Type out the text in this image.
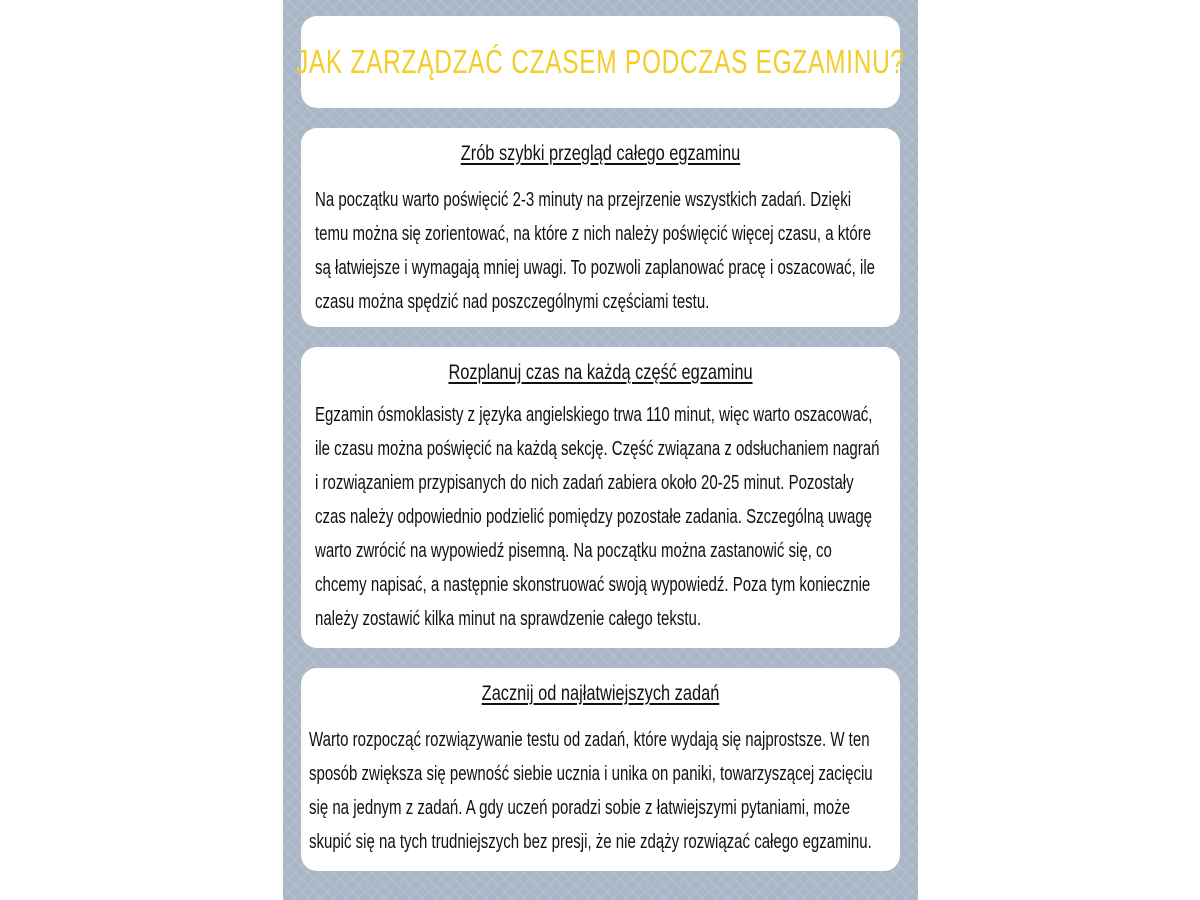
JAK ZARZĄDZAĆ CZASEM PODCZAS EGZAMINU?

Zrób szybki przegląd całego egzaminu

Na początku warto poświęcić 2-3 minuty na przejrzenie wszystkich zadań. Dzięki temu można się zorientować, na które z nich należy poświęcić więcej czasu, a które są łatwiejsze i wymagają mniej uwagi. To pozwoli zaplanować pracę i oszacować, ile czasu można spędzić nad poszczególnymi częściami testu.

Rozplanuj czas na każdą część egzaminu

Egzamin ósmoklasisty z języka angielskiego trwa 110 minut, więc warto oszacować, ile czasu można poświęcić na każdą sekcję. Część związana z odsłuchaniem nagrań i rozwiązaniem przypisanych do nich zadań zabiera około 20-25 minut. Pozostały czas należy odpowiednio podzielić pomiędzy pozostałe zadania. Szczególną uwagę warto zwrócić na wypowiedź pisemną. Na początku można zastanowić się, co chcemy napisać, a następnie skonstruować swoją wypowiedź. Poza tym koniecznie należy zostawić kilka minut na sprawdzenie całego tekstu.

Zacznij od najłatwiejszych zadań

Warto rozpocząć rozwiązywanie testu od zadań, które wydają się najprostsze. W ten sposób zwiększa się pewność siebie ucznia i unika on paniki, towarzyszącej zacięciu się na jednym z zadań. A gdy uczeń poradzi sobie z łatwiejszymi pytaniami, może skupić się na tych trudniejszych bez presji, że nie zdąży rozwiązać całego egzaminu.
